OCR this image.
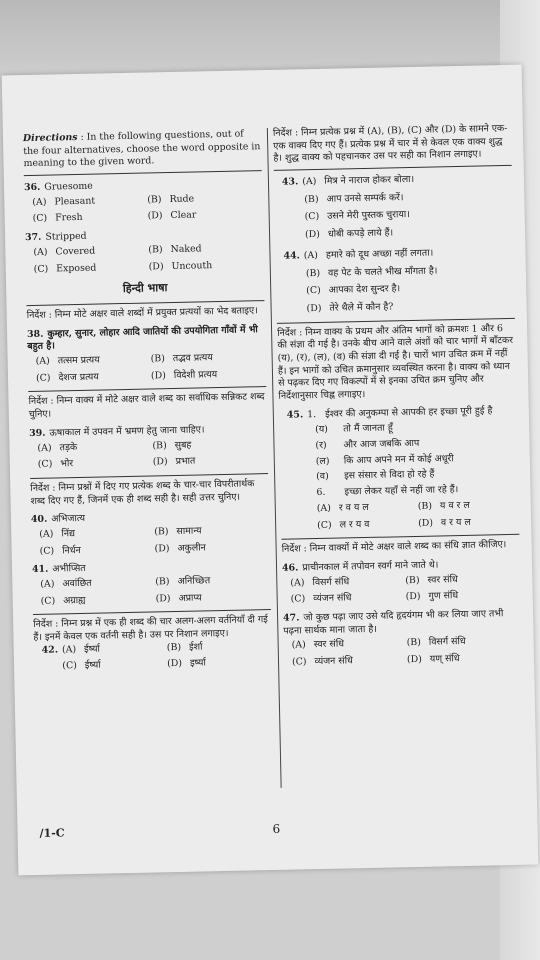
Directions : In the following questions, out of the four alternatives, choose the word opposite in meaning to the given word.
36. Gruesome
(A) Pleasant	(B) Rude
(C) Fresh	(D) Clear
37. Stripped
(A) Covered	(B) Naked
(C) Exposed	(D) Uncouth
हिन्दी भाषा
निर्देश : निम्न मोटे अक्षर वाले शब्दों में प्रयुक्त प्रत्ययों का भेद बताइए।
38. कुम्हार, सुनार, लोहार आदि जातियों की उपयोगिता गाँवों में भी बहुत है।
(A) तत्सम प्रत्यय	(B) तद्भव प्रत्यय
(C) देशज प्रत्यय	(D) विदेशी प्रत्यय
निर्देश : निम्न वाक्य में मोटे अक्षर वाले शब्द का सर्वाधिक सन्निकट शब्द चुनिए।
39. ऊषाकाल में उपवन में भ्रमण हेतु जाना चाहिए।
(A) तड़के	(B) सुबह
(C) भोर	(D) प्रभात
निर्देश : निम्न प्रश्नों में दिए गए प्रत्येक शब्द के चार-चार विपरीतार्थक शब्द दिए गए हैं, जिनमें एक ही शब्द सही है। सही उत्तर चुनिए।
40. अभिजात्य
(A) निंद्य	(B) सामान्य
(C) निर्धन	(D) अकुलीन
41. अभीप्सित
(A) अवांछित	(B) अनिच्छित
(C) अग्राह्य	(D) अप्राप्य
निर्देश : निम्न प्रश्न में एक ही शब्द की चार अलग-अलग वर्तनियाँ दी गई हैं। इनमें केवल एक वर्तनी सही है। उस पर निशान लगाइए।
42. (A) ईर्ष्या	(B) ईर्शा
(C) ईर्ष्या	(D) इर्ष्या
निर्देश : निम्न प्रत्येक प्रश्न में (A), (B), (C) और (D) के सामने एक-एक वाक्य दिए गए हैं। प्रत्येक प्रश्न में चार में से केवल एक वाक्य शुद्ध है। शुद्ध वाक्य को पहचानकर उस पर सही का निशान लगाइए।
43. (A) मित्र ने नाराज होकर बोला।
(B) आप उनसे सम्पर्क करें।
(C) उसने मेरी पुस्तक चुराया।
(D) धोबी कपड़े लाये हैं।
44. (A) हमारे को दूध अच्छा नहीं लगता।
(B) वह पेट के चलते भीख माँगता है।
(C) आपका देश सुन्दर है।
(D) तेरे थैले में कौन है?
निर्देश : निम्न वाक्य के प्रथम और अंतिम भागों को क्रमशः 1 और 6 की संज्ञा दी गई है। उनके बीच आने वाले अंशों को चार भागों में बाँटकर (य), (र), (ल), (व) की संज्ञा दी गई है। चारों भाग उचित क्रम में नहीं हैं। इन भागों को उचित क्रमानुसार व्यवस्थित करना है। वाक्य को ध्यान से पढ़कर दिए गए विकल्पों में से इनका उचित क्रम चुनिए और निर्देशानुसार चिह्न लगाइए।
45. 1. ईश्वर की अनुकम्पा से आपकी हर इच्छा पूरी हुई है
(य) तो मैं जानता हूँ
(र) और आज जबकि आप
(ल) कि आप अपने मन में कोई अधूरी
(व) इस संसार से विदा हो रहे हैं
6. इच्छा लेकर यहाँ से नहीं जा रहे हैं।
(A) र व य ल	(B) य व र ल
(C) ल र य व	(D) व र य ल
निर्देश : निम्न वाक्यों में मोटे अक्षर वाले शब्द का संधि ज्ञात कीजिए।
46. प्राचीनकाल में तपोवन स्वर्ग माने जाते थे।
(A) विसर्ग संधि	(B) स्वर संधि
(C) व्यंजन संधि	(D) गुण संधि
47. जो कुछ पढ़ा जाए उसे यदि हृदयंगम भी कर लिया जाए तभी पढ़ना सार्थक माना जाता है।
(A) स्वर संधि	(B) विसर्ग संधि
(C) व्यंजन संधि	(D) यण् संधि
/1-C	6
